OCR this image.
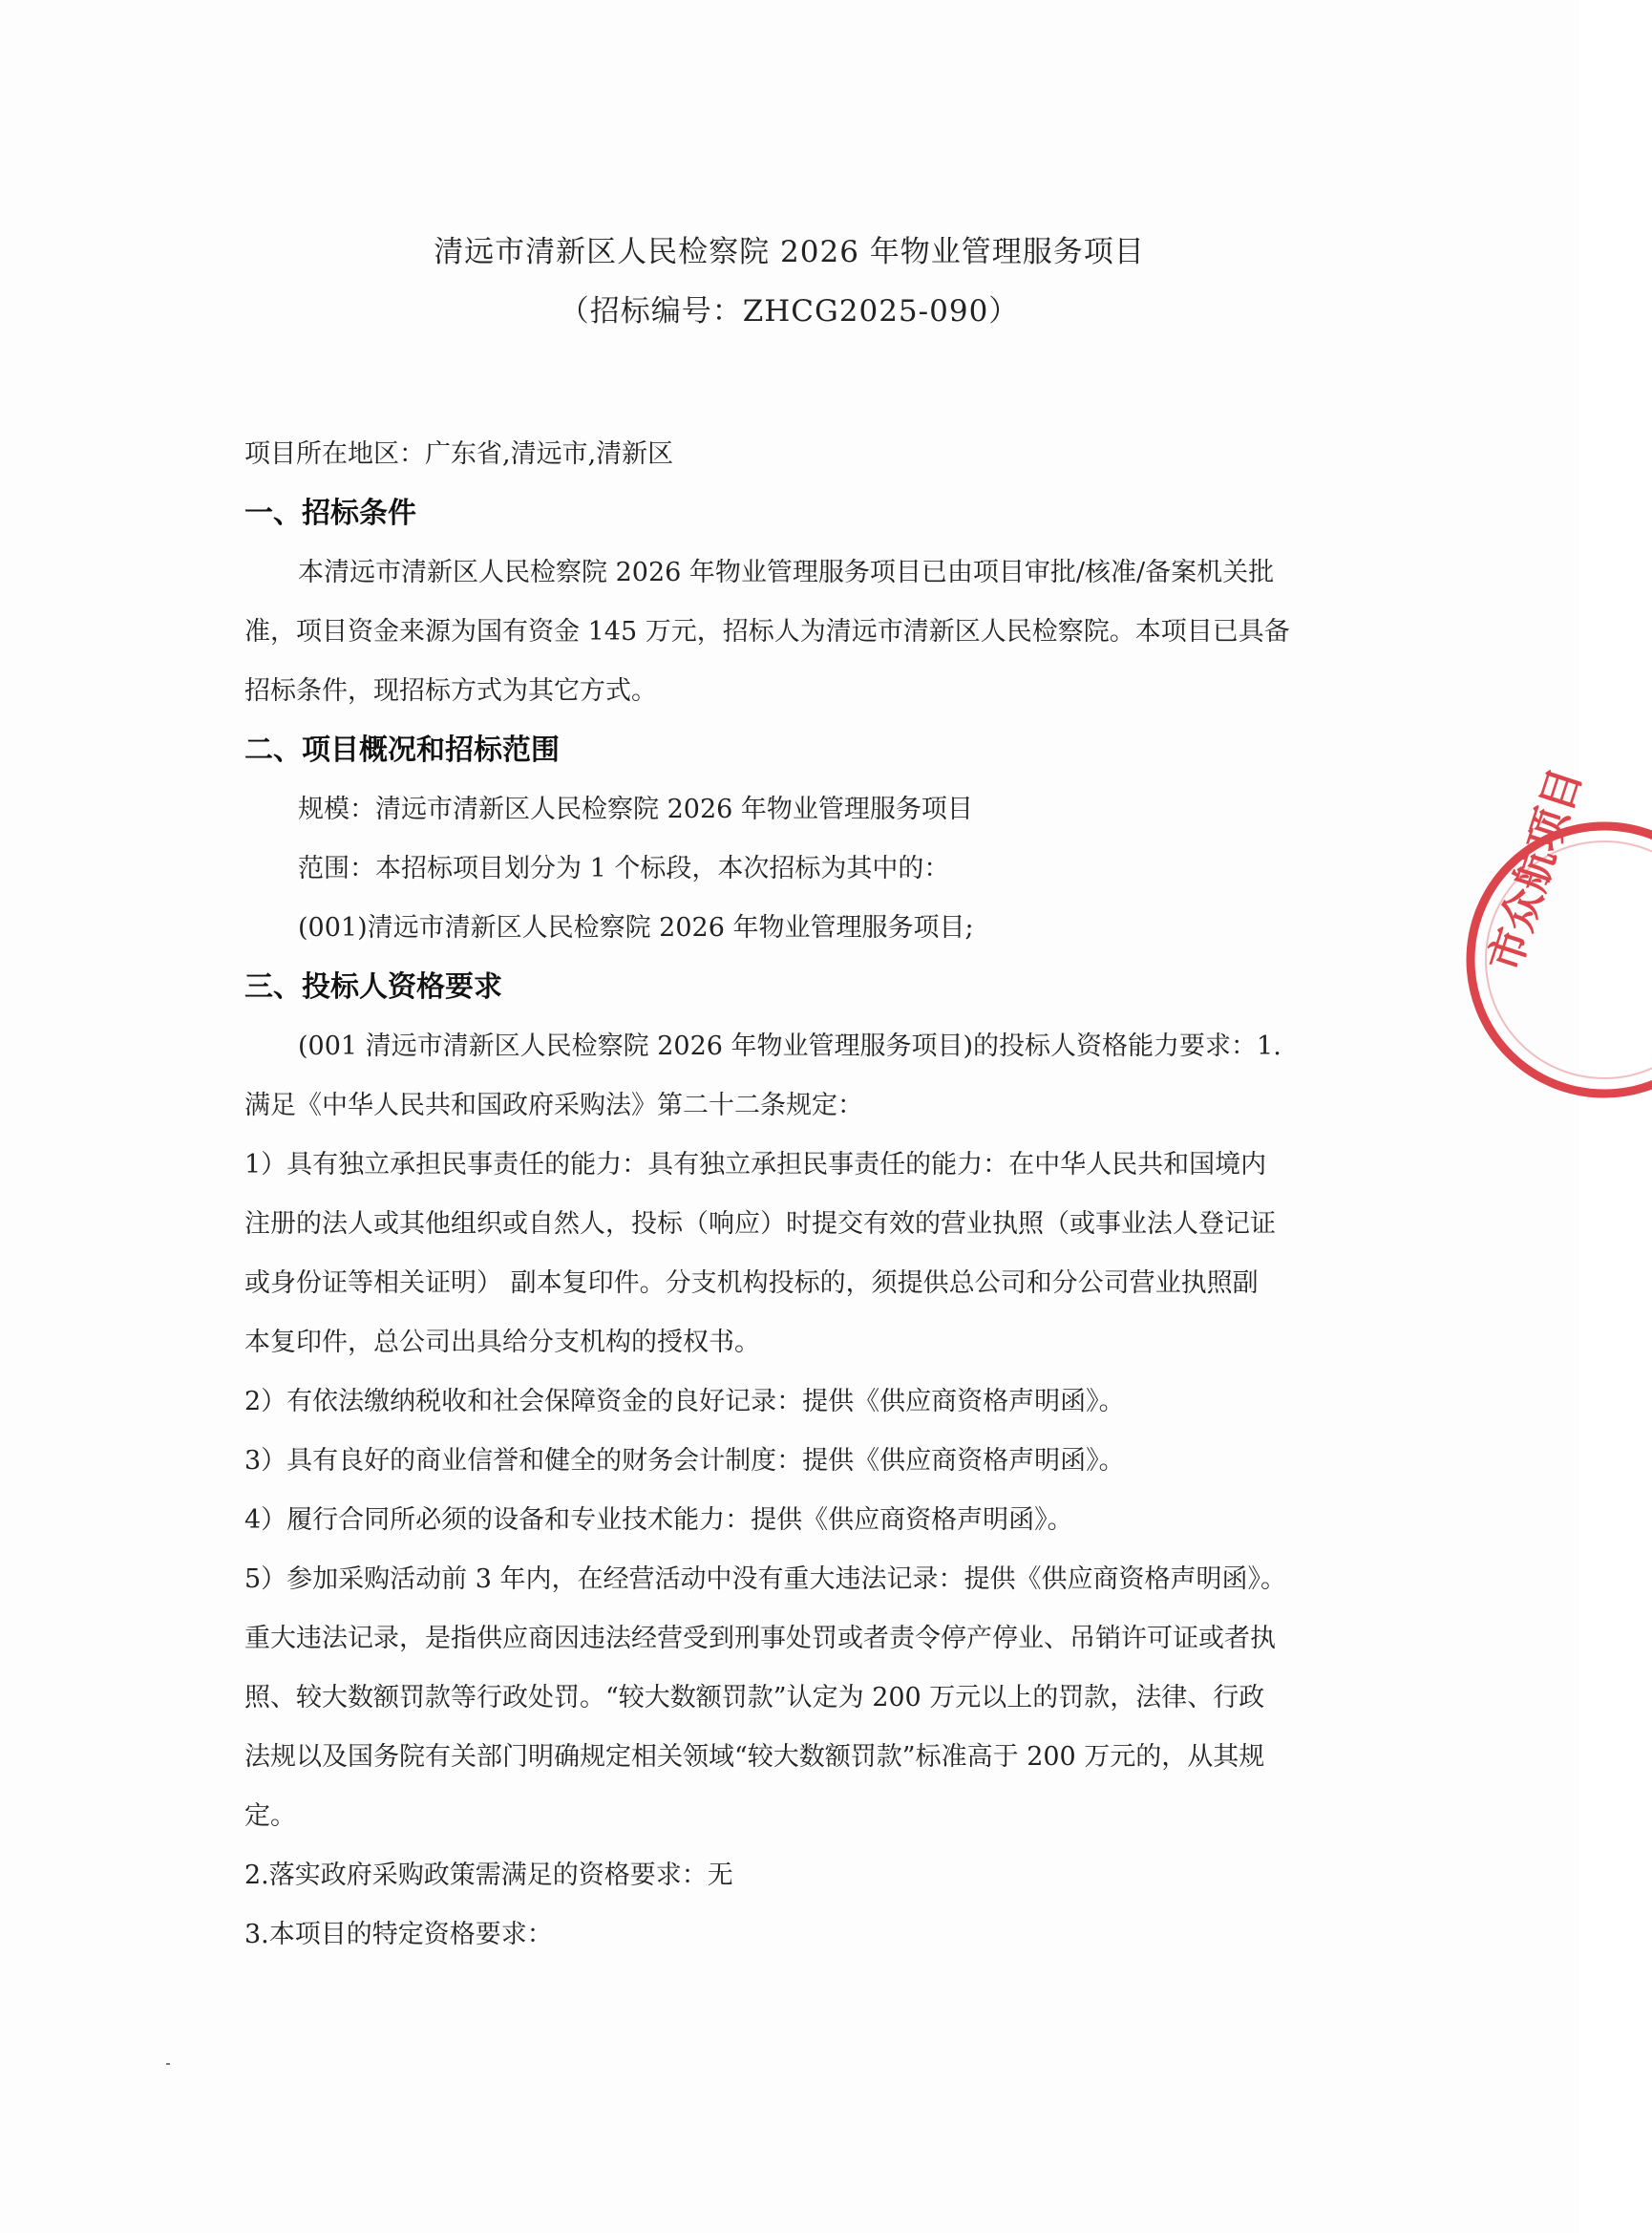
清远市清新区人民检察院 2026 年物业管理服务项目
（招标编号：ZHCG2025-090）
项目所在地区：广东省,清远市,清新区
一、招标条件
本清远市清新区人民检察院 2026 年物业管理服务项目已由项目审批/核准/备案机关批
准，项目资金来源为国有资金 145 万元，招标人为清远市清新区人民检察院。本项目已具备
招标条件，现招标方式为其它方式。
二、项目概况和招标范围
规模：清远市清新区人民检察院 2026 年物业管理服务项目
范围：本招标项目划分为 1 个标段，本次招标为其中的：
(001)清远市清新区人民检察院 2026 年物业管理服务项目;
三、投标人资格要求
(001 清远市清新区人民检察院 2026 年物业管理服务项目)的投标人资格能力要求：1.
满足《中华人民共和国政府采购法》第二十二条规定：
1）具有独立承担民事责任的能力：具有独立承担民事责任的能力：在中华人民共和国境内
注册的法人或其他组织或自然人，投标（响应）时提交有效的营业执照（或事业法人登记证
或身份证等相关证明） 副本复印件。分支机构投标的，须提供总公司和分公司营业执照副
本复印件，总公司出具给分支机构的授权书。
2）有依法缴纳税收和社会保障资金的良好记录：提供《供应商资格声明函》。
3）具有良好的商业信誉和健全的财务会计制度：提供《供应商资格声明函》。
4）履行合同所必须的设备和专业技术能力：提供《供应商资格声明函》。
5）参加采购活动前 3 年内，在经营活动中没有重大违法记录：提供《供应商资格声明函》。
重大违法记录，是指供应商因违法经营受到刑事处罚或者责令停产停业、吊销许可证或者执
照、较大数额罚款等行政处罚。“较大数额罚款”认定为 200 万元以上的罚款，法律、行政
法规以及国务院有关部门明确规定相关领域“较大数额罚款”标准高于 200 万元的，从其规
定。
2.落实政府采购政策需满足的资格要求：无
3.本项目的特定资格要求：
市众航项目
